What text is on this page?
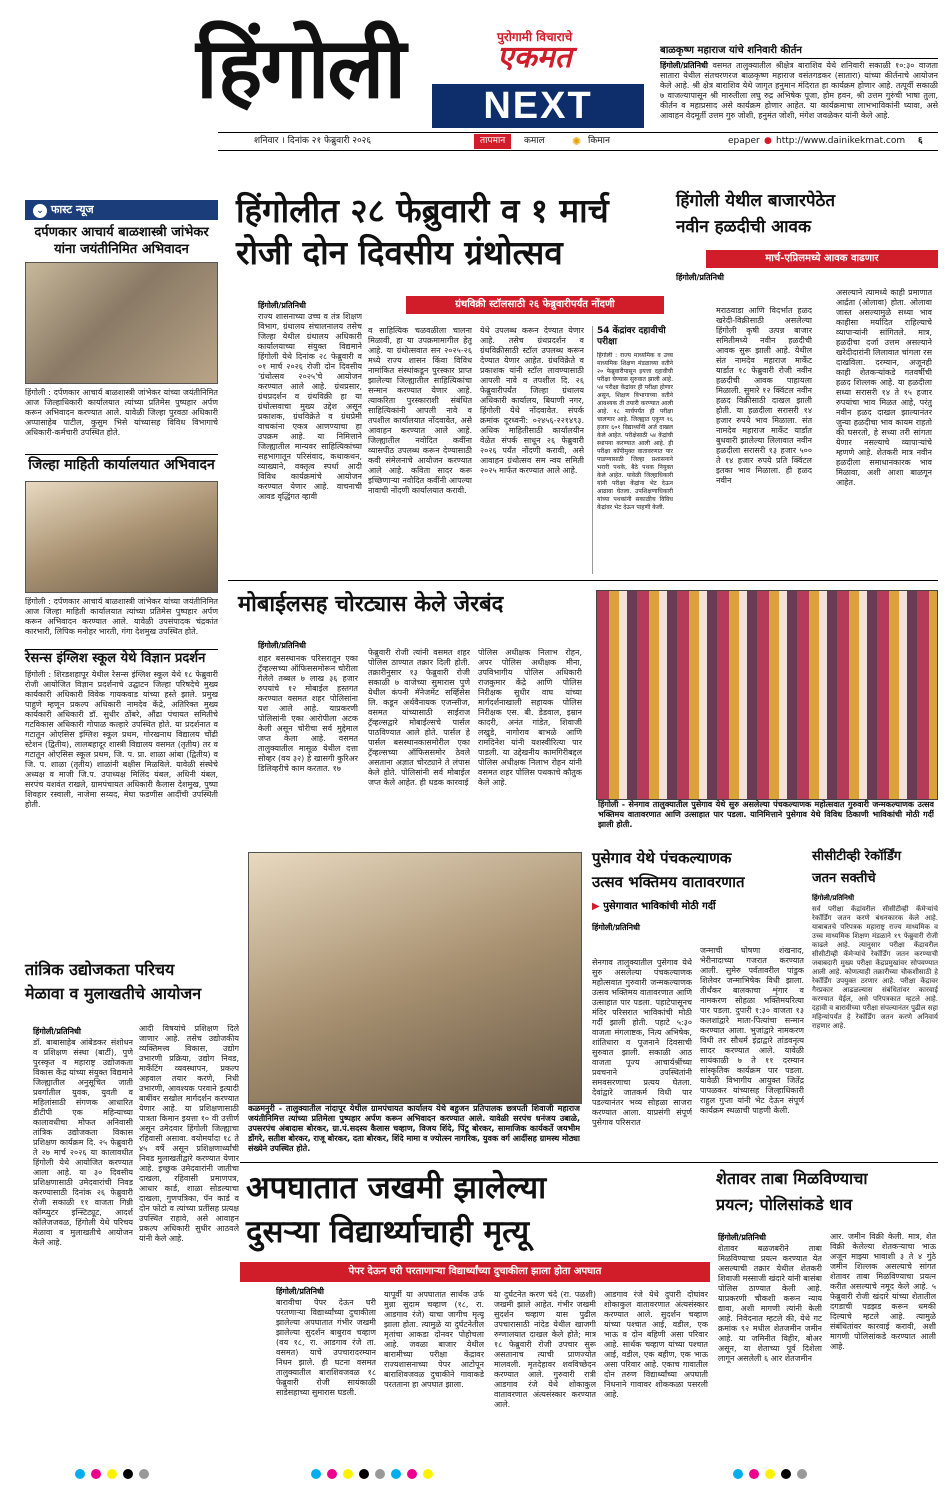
हिंगोली	पुरोगामी विचाराचे
एकमत
NEXT
बाळकृष्ण महाराज यांचे शनिवारी कीर्तन
हिंगोली/प्रतिनिधी वसमत तालुक्यातील श्रीक्षेत्र बाराशिव येथे शनिवारी सकाळी १०:३० वाजता सातारा येथील संतचरणरज बाळकृष्ण महाराज वसंतगडकर (सातारा) यांच्या कीर्तनाचे आयोजन केले आहे. श्री क्षेत्र बाराशिव येथे जागृत हनुमान मंदिरात हा कार्यक्रम होणार आहे. तत्पूर्वी सकाळी ७ वाजल्यापासून श्री मारुतीला लघु रुद्र अभिषेक पूजा, होम हवन, श्री उत्तम गुरुंची भाषा तुला, कीर्तन व महाप्रसाद असे कार्यक्रम होणार आहेत. या कार्यक्रमाचा लाभभाविकांनी घ्यावा, असे आवाहन वेदमूर्ती उत्तम गुरु जोशी, हनुमंत जोशी, मंगेश जवळेकर यांनी केले आहे.
शनिवार । दिनांक २१ फेब्रुवारी २०२६	तापमान	कमाल ✺ किमान	epaper ● http://www.dainikekmat.com ६
⌄ फास्ट न्यूज
दर्पणकार आचार्य बाळशास्त्री जांभेकर यांना जयंतीनिमित अभिवादन
हिंगोली : दर्पणकार आचार्य बाळशास्त्री जांभेकर यांच्या जयंतीनिमित आज जिल्हाधिकारी कार्यालयात त्यांच्या प्रतिमेस पुष्पहार अर्पण करून अभिवादन करण्यात आले. यावेळी जिल्हा पुरवठा अधिकारी अप्पासाहेब पाटील, कुसुम भिसे यांच्यासह विविध विभागाचे अधिकारी-कर्मचारी उपस्थित होते.
जिल्हा माहिती कार्यालयात अभिवादन
हिंगोली : दर्पणकार आचार्य बाळशास्त्री जांभेकर यांच्या जयंतीनिमित आज जिल्हा माहिती कार्यालयात त्यांच्या प्रतिमेस पुष्पहार अर्पण करून अभिवादन करण्यात आले. यावेळी उपसंपादक चंद्रकांत कारभारी, लिपिक मनोहर भारती, गंगा देशमुख उपस्थित होते.
रेसन्स इंग्लिश स्कूल येथे विज्ञान प्रदर्शन
हिंगोली : शिरडशहापूर येथील रेसन्स इंग्लिश स्कूल येथे १८ फेब्रुवारी रोजी आयोजित विज्ञान प्रदर्शनाचे उद्घाटन जिल्हा परिषदेचे मुख्य कार्यकारी अधिकारी विवेक गायकवाड यांच्या हस्ते झाले. प्रमुख पाहुणे म्हणून प्रकल्प अधिकारी नामदेव केंद्रे, अतिरिक्त मुख्य कार्यकारी अधिकारी डॉ. सुधीर ठोंबरे, औंढा पंचायत समितीचे गटविकास अधिकारी गोपाळ कल्हारे उपस्थित होते. या प्रदर्शनात व गटातून ओएसिस इंग्लिश स्कूल प्रथम, गोरखनाथ विद्यालय चोंढी स्टेशन (द्वितीय), लालबहादूर शास्त्री विद्यालय वसमत (तृतीय) तर व गटातून ओएसिस स्कूल प्रथम, जि. प. प्रा. शाळा आंबा (द्वितीय) व जि. प. शाळा (तृतीय) शाळांनी बक्षीस मिळविले. यावेळी संस्थेचे अध्यक्ष व माजी जि.प. उपाध्यक्ष मिलिंद यंबल, अधिनी यंबल, सरपंच यशवंत राखले, ग्रामपंचायत अधिकारी कैलास देशमुख, पुष्पा शिवहार रस्वाली, नाजेमा सय्यद, मेघा फडणीस आदींची उपस्थिती होती.
हिंगोलीत २८ फेब्रुवारी व १ मार्च
रोजी दोन दिवसीय ग्रंथोत्सव
ग्रंथविक्री स्टॉलसाठी २६ फेब्रुवारीपर्यंत नोंदणी
हिंगोली/प्रतिनिधी
राज्य शासनाच्या उच्च व तंत्र शिक्षण विभाग, ग्रंथालय संचालनालय तसेच जिल्हा येथील ग्रंथालय अधिकारी कार्यालयाच्या संयुक्त विद्यमाने हिंगोली येथे दिनांक २८ फेब्रुवारी व ०१ मार्च २०२६ रोजी दोन दिवसीय 'ग्रंथोत्सव २०२५'चे आयोजन करण्यात आले आहे. ग्रंथप्रसार, ग्रंथप्रदर्शन व ग्रंथविक्री हा या ग्रंथोत्सवाचा मुख्य उद्देश असून प्रकाशक, ग्रंथविक्रेते व ग्रंथप्रेमी वाचकांना एकत्र आणण्याचा हा उपक्रम आहे. या निमित्ताने जिल्ह्यातील मान्यवर साहित्यिकांच्या सहभागातून परिसंवाद, कथाकथन, व्याख्याने, वक्तृत्व स्पर्धा आदी विविध कार्यक्रमांचे आयोजन करण्यात येणार आहे. वाचनाची आवड वृद्धिंगत व्हावी
व साहित्यिक चळवळीला चालना मिळावी, हा या उपक्रमामागील हेतू आहे. या ग्रंथोत्सवात सन २०२५-२६ मध्ये राज्य शासन किंवा विविध नामांकित संस्थांकडून पुरस्कार प्राप्त झालेल्या जिल्ह्यातील साहित्यिकांचा सन्मान करण्यात येणार आहे. त्याकरिता पुरस्काराशी संबंधित साहित्यिकांनी आपली नावे व तपशील कार्यालयात नोंदवावेत, असे आवाहन करण्यात आले आहे. जिल्ह्यातील नवोदित कवींना व्यासपीठ उपलब्ध करून देण्यासाठी कवी संमेलनाचे आयोजन करण्यात आले आहे. कविता सादर करू इच्छिणाऱ्या नवोदित कवींनी आपल्या नावाची नोंदणी कार्यालयात करावी.
येथे उपलब्ध करून देण्यात येणार आहे. तसेच ग्रंथप्रदर्शन व ग्रंथविक्रीसाठी स्टॉल उपलब्ध करून देण्यात येणार आहेत. ग्रंथविक्रेते व प्रकाशक यांनी स्टॉल लावण्यासाठी आपली नावे व तपशील दि. २६ फेब्रुवारीपर्यंत जिल्हा ग्रंथालय अधिकारी कार्यालय, बियाणी नगर, हिंगोली येथे नोंदवावेत. संपर्क क्रमांक दूरध्वनी: ०२४५६-२२१४९३. अधिक माहितीसाठी कार्यालयीन वेळेत संपर्क साधून २६ फेब्रुवारी २०२६ पर्यंत नोंदणी करावी, असे आवाहन ग्रंथोत्सव सम न्वय समिती २०२५ मार्फत करण्यात आले आहे.
54 केंद्रांवर दहावीची परीक्षा
हिंगोली : राज्य माध्यमिक व उच्च माध्यमिक शिक्षण मंडळाच्या वतीने २० फेब्रुवारीपासून इयत्ता दहावीची परीक्षा घेण्यास सुरुवात झाली आहे. ५४ परीक्षा केंद्रांवर ही परीक्षा होणार असून, शिक्षण विभागाच्या वतीने आवश्यक ती तयारी करण्यात आली आहे. १८ मार्चपर्यंत ही परीक्षा चालणार आहे. जिल्ह्यात एकूण १६ हजार ६०१ विद्यार्थ्यांनी अर्ज दाखल केले आहेत. परीक्षेसाठी ५४ केंद्रांची स्थापना करण्यात आली आहे. ही परीक्षा कॉपीमुक्त वातावरणात पार पाडण्यासाठी जिल्हा प्रशासनाने भरारी पथके, बैठे पथक नियुक्त केले आहेत. यावेळी जिल्हाधिकारी यांनी परीक्षा केंद्रांना भेट देऊन आढावा घेतला. उपशिक्षणाधिकारी यांच्या पथकांनी सकाळीच विविध केंद्रांवर भेट देऊन पाहणी केली.
हिंगोली येथील बाजारपेठेत
नवीन हळदीची आवक
मार्च-एप्रिलमध्ये आवक वाढणार
हिंगोली/प्रतिनिधी
मराठवाडा आणि विदर्भात हळद खरेदी-विक्रीसाठी असलेल्या हिंगोली कृषी उत्पन्न बाजार समितीमध्ये नवीन हळदीची आवक सुरू झाली आहे. येथील संत नामदेव महाराज मार्केट यार्डात १८ फेब्रुवारी रोजी नवीन हळदीची आवक पाहायला मिळाली. सुमारे १२ क्विंटल नवीन हळद विक्रीसाठी दाखल झाली होती. या हळदीला सरासरी १४ हजार रुपये भाव मिळाला. संत नामदेव महाराज मार्केट यार्डात बुधवारी झालेल्या लिलावात नवीन हळदीला सरासरी १३ हजार ५०० ते १४ हजार रुपये प्रति क्विंटल इतका भाव मिळाला. ही हळद नवीन
असल्याने त्यामध्ये काही प्रमाणात आर्द्रता (ओलावा) होता. ओलावा जास्त असल्यामुळे सध्या भाव काहीसा मर्यादित राहिल्याचे व्यापाऱ्यांनी सांगितले. मात्र, हळदीचा दर्जा उत्तम असल्याने खरेदीदारांनी लिलावात चांगला रस दाखविला. दरम्यान, अजूनही काही शेतकऱ्यांकडे गतवर्षीची हळद शिल्लक आहे. या हळदीला सध्या सरासरी १४ ते १५ हजार रुपयांचा भाव मिळत आहे, परंतु नवीन हळद दाखल झाल्यानंतर जुन्या हळदीचा भाव कायम राहतो की घसरतो, हे सध्या तरी सांगता येणार नसल्याचे व्यापाऱ्यांचे म्हणणे आहे. शेतकरी मात्र नवीन हळदीला समाधानकारक भाव मिळावा, अशी आशा बाळगून आहेत.
मोबाईलसह चोरट्यास केले जेरबंद
हिंगोली/प्रतिनिधी
शहर बसस्थानक परिसरातून एका ट्रॅव्हल्सच्या ऑफिससमोरून चोरीला गेलेले तब्बल ७ लाख ३६ हजार रुपयांचे १२ मोबाईल हस्तगत करण्यात वसमत शहर पोलिसांना यश आले आहे. याप्रकरणी पोलिसांनी एका आरोपीला अटक केली असून चोरीचा सर्व मुद्देमाल जप्त केला आहे. वसमत तालुक्यातील मासूळ येथील दत्ता सोव्हर (वय ३२) हे खासगी कुरिअर डिलिव्हरीचे काम करतात. १७
फेब्रुवारी रोजी त्यांनी वसमत शहर पोलिस ठाण्यात तक्रार दिली होती. तक्रारीनुसार १३ फेब्रुवारी रोजी सकाळी ७ वाजेच्या सुमारास पुणे येथील कंपनी मॅनेजमेंट सर्व्हिसेस लि. कडून अर्थवैनायक एजन्सीज, वसमत यांच्यासाठी साईराज ट्रॅव्हल्सद्वारे मोबाईल्सचे पार्सल पाठविण्यात आले होते. पार्सल हे पार्सल बसस्थानकासमोरील एका ट्रॅव्हल्सच्या ऑफिससमोर ठेवले असताना अज्ञात चोरट्याने ते लंपास केले होते. पोलिसांनी सर्व मोबाईल जप्त केले आहेत. ही धडक कारवाई
पोलिस अधीक्षक निलाभ रोहन, अपर पोलिस अधीक्षक मीना, उपविभागीय पोलिस अधिकारी राजकुमार केंद्रे आणि पोलिस निरीक्षक सुधीर वाघ यांच्या मार्गदर्शनाखाली सहायक पोलिस निरीक्षक एस. बी. डेडवाल, इम्रान कादरी, अनंत गांडेत, शिवाजी लखुडे, नागोराव बाभळे आणि रामदिनेश यांनी यशस्वीरित्या पार पाडली. या उद्देखनीय कामगिरीबद्दल पोलिस अधीक्षक निलाभ रोहन यांनी वसमत शहर पोलिस पथकाचे कौतुक केले आहे.
हिंगोली - सेनगाव तालुक्यातील पुसेगाव येथे सुरु असलेल्या पंचकल्याणक महोत्सवात गुरुवारी जन्मकल्याणक उत्सव भक्तिमय वातावरणात आणि उत्साहात पार पडला. यानिमित्ताने पुसेगाव येथे विविध ठिकाणी भाविकांची मोठी गर्दी झाली होती.
कळमनुरी - तालुक्यातील नांदापूर येथील ग्रामपंचायत कार्यालय येथे बहुजन प्रतिपालक छत्रपती शिवाजी महाराज जयंतीनिमित्त त्यांच्या प्रतिमेला पुष्पहार अर्पण करून अभिवादन करण्यात आले. यावेळी सरपंच धनंजय उबाळे, उपसरपंच अंबादास बोरकर, ग्रा.पं.सदस्य कैलास चव्हाण, विजय शिंदे, पिंटू बोरकर, सामाजिक कार्यकर्ते जयभीम डोंगरे, सतीश बोरकर, राजू बोरकर, दता बोरकर, शिंदे मामा व ज्योत्स्न नागरिक, युवक वर्ग आदींसह ग्रामस्थ मोठ्या संख्येने उपस्थित होते.
पुसेगाव येथे पंचकल्याणक
उत्सव भक्तिमय वातावरणात
▶ पुसेगावात भाविकांची मोठी गर्दी
हिंगोली/प्रतिनिधी
सेनगाव तालुक्यातील पुसेगाव येथे सुरु असलेल्या पंचकल्याणक महोत्सवात गुरुवारी जन्मकल्याणक उत्सव भक्तिमय वातावरणात आणि उत्साहात पार पडला. पहाटेपासूनच मंदिर परिसरात भाविकांची मोठी गर्दी झाली होती. पहाटे ५:३० वाजता मंगलाष्टक, नित्य अभिषेक, शांतिधारा व पूजनाने दिवसाची सुरुवात झाली. सकाळी आठ वाजता पूज्य आचार्यश्रींच्या प्रवचनाने उपस्थितांनी समवसरणाचा प्रत्यय घेतला. देवांद्वारे जातकर्म विधी पार पडल्यानंतर भव्य सोहळा साजरा करण्यात आला. याप्रसंगी संपूर्ण पुसेगाव परिसरात
जन्माची घोषणा शंखनाद, भेरीनादाच्या गजरात करण्यात आली. सुमेरु पर्वतावरील पांडुक शिलेवर जन्माभिषेक विधी झाला. तीर्थंकर बालकाचा शृंगार व नामकरण सोहळा भक्तिमयरित्या पार पडला. दुपारी १:३० वाजता १३ कलशांद्वारे माता-पित्यांचा सन्मान करण्यात आला. भुजांद्वारे नामकरण विधी तर सौधर्म इंद्राद्वारे तांडवनृत्य सादर करण्यात आले. यावेळी सायंकाळी ७ ते ११ दरम्यान सांस्कृतिक कार्यक्रम पार पडला. यावेळी विभागीय आयुक्त जितेंद्र पापळकर यांच्यासह जिल्हाधिकारी राहुल गुप्ता यांनी भेट देऊन संपूर्ण कार्यक्रम स्थळाची पाहणी केली.
सीसीटीव्ही रेकॉर्डिंग
जतन सक्तीचे
हिंगोली/प्रतिनिधी
सर्व परीक्षा केंद्रांवरील सीसीटीव्ही कॅमेऱ्यांचे रेकॉर्डिंग जतन करणे बंधनकारक केले आहे. याबाबतचे परिपत्रक महाराष्ट्र राज्य माध्यमिक व उच्च माध्यमिक शिक्षण मंडळाने १९ फेब्रुवारी रोजी काढले आहे. त्यानुसार परीक्षा केंद्रावरील सीसीटीव्ही कॅमेऱ्यांचे रेकॉर्डिंग जतन करण्याची जबाबदारी मुख्य परीक्षा केंद्रप्रमुखांवर सोपवण्यात आली आहे. कोणत्याही तक्रारीच्या चौकशीसाठी हे रेकॉर्डिंग उपयुक्त ठरणार आहे. परीक्षा केंद्रावर गैरप्रकार आढळल्यास संबंधितांवर कारवाई करण्यात येईल, असे परिपत्रकात म्हटले आहे. दहावी व बारावीच्या परीक्षा संपल्यानंतर पुढील सहा महिन्यांपर्यंत हे रेकॉर्डिंग जतन करणे अनिवार्य राहणार आहे.
तांत्रिक उद्योजकता परिचय
मेळावा व मुलाखतीचे आयोजन
हिंगोली/प्रतिनिधी
डॉ. बाबासाहेब आंबेडकर संशोधन व प्रशिक्षण संस्था (बार्टी), पुणे पुरस्कृत व महाराष्ट्र उद्योजकता विकास केंद्र यांच्या संयुक्त विद्यमाने जिल्ह्यातील अनुसूचित जाती प्रवर्गातील युवक, युवती व महिलांसाठी संगणक आधारित डीटीपी एक महिन्याच्या कालावधीचा मोफत अनिवासी तांत्रिक उद्योजकता विकास प्रशिक्षण कार्यक्रम दि. २५ फेब्रुवारी ते २७ मार्च २०२६ या कालावधीत हिंगोली येथे आयोजित करण्यात आला आहे. या ३० दिवसीय प्रशिक्षणासाठी उमेदवारांची निवड करण्यासाठी दिनांक २६ फेब्रुवारी रोजी सकाळी ११ वाजता गिन्नी कॉम्प्युटर इन्स्टिट्यूट, आदर्श कॉलेजजवळ, हिंगोली येथे परिचय मेळावा व मुलाखतीचे आयोजन केले आहे.
आदी विषयांचे प्रशिक्षण दिले जाणार आहे. तसेच उद्योजकीय व्यक्तिमत्त्व विकास, उद्योग उभारणी प्रक्रिया, उद्योग निवड, मार्केटिंग व्यवस्थापन, प्रकल्प अहवाल तयार करणे, निधी उभारणी, आवश्यक परवाने इत्यादी बाबींवर सखोल मार्गदर्शन करण्यात येणार आहे. या प्रशिक्षणासाठी पात्रता किमान इयत्ता १० वी उत्तीर्ण असून उमेदवार हिंगोली जिल्ह्याचा रहिवासी असावा. वयोमर्यादा १८ ते ४५ वर्षे असून प्रशिक्षणार्थ्यांची निवड मुलाखतीद्वारे करण्यात येणार आहे. इच्छुक उमेदवारांनी जातीचा दाखला, रहिवासी प्रमाणपत्र, आधार कार्ड, शाळा सोडल्याचा दाखला, गुणपत्रिका, पॅन कार्ड व दोन फोटो व त्यांच्या प्रतींसह प्रत्यक्ष उपस्थित राहावे, असे आवाहन प्रकल्प अधिकारी सुधीर आठवले यांनी केले आहे.
अपघातात जखमी झालेल्या
दुसऱ्या विद्यार्थ्याचाही मृत्यू
पेपर देऊन घरी परताणाऱ्या विद्यार्थ्यांच्या दुचाकीला झाला होता अपघात
हिंगोली/प्रतिनिधी
बारावीचा पेपर देऊन घरी परतणाऱ्या विद्यार्थ्यांच्या दुचाकीला झालेल्या अपघातात गंभीर जखमी झालेल्या सुदर्शन बाबुराव चव्हाण (वय १८, रा. आडगाव रंजे ता. वसमत) याचे उपचारादरम्यान निधन झाले. ही घटना वसमत तालुक्यातील बाराशिवजवळ १८ फेब्रुवारी रोजी सायंकाळी साडेसहाच्या सुमारास घडली.
यापूर्वी या अपघातात सार्थक उर्फ मुन्ना सुदाम चव्हाण (१८, रा. आडगाव रंजे) याचा जागीच मृत्यू झाला होता. त्यामुळे या दुर्घटनेतील मृतांचा आकडा दोनवर पोहोचला आहे. जवळा बाजार येथील बारामीच्या परीक्षा केंद्रावर राज्यशासनाच्या पेपर आटोपून बाराशिवजवळ दुचाकीने गावाकडे परतताना हा अपघात झाला.
या दुर्घटनेत करण चंदे (रा. पळशी) जखमी झाले आहेत. गंभीर जखमी सुदर्शन चव्हाण यास पुढील उपचारासाठी नांदेड येथील खाजगी रुग्णालयात दाखल केले होते; मात्र १८ फेब्रुवारी रोजी उपचार सुरू असतानाच त्याची प्राणज्योत मालवली. मृतदेहावर शवविच्छेदन करण्यात आले. गुरुवारी रात्री आडगाव रंजे येथे शोकाकुल वातावरणात अंत्यसंस्कार करण्यात आले.
आडगाव रंजे येथे दुपारी दोघांवर शोकाकुल वातावरणात अंत्यसंस्कार करण्यात आले. सुदर्शन चव्हाण यांच्या पश्चात आई, वडील, एक भाऊ व दोन बहिणी असा परिवार आहे. सार्थक चव्हाण यांच्या पश्चात आई, वडील, एक बहीण, एक भाऊ असा परिवार आहे. एकाच गावातील दोन तरुण विद्यार्थ्यांच्या अपघाती निधनाने गावावर शोककळा पसरली आहे.
शेतावर ताबा मिळविण्याचा
प्रयत्न; पोलिसांकडे धाव
हिंगोली/प्रतिनिधी
शेतावर बळजबरीने ताबा मिळविण्याचा प्रयत्न करण्यात येत असल्याची तक्रार येथील शेतकरी शिवाजी मस्साजी खंदारे यांनी बासंबा पोलिस ठाण्यात केली आहे. याप्रकरणी चौकशी करून न्याय द्यावा, अशी मागणी त्यांनी केली आहे. निवेदनात म्हटले की, येथे गट क्रमांक ९२ मधील शेतजमीन जमीन आहे. या जमिनीत विहीर, बोअर असून, या शेताच्या पूर्व दिशेला लागून असलेली ६ आर शेतजमीन
आर. जमीन विक्री केली. मात्र, शेत विक्री केलेल्या शेतकऱ्याचा भाऊ अजून माझ्या भावाशी ३ ते ४ गुंठे जमीन शिल्लक असल्याचे सांगत शेतावर ताबा मिळविण्याचा प्रयत्न करीत असल्याचे नमूद केले आहे. ५ फेब्रुवारी रोजी खंदारे यांच्या शेतातील दगडाची पडझड करून धमकी दिल्याचे म्हटले आहे. त्यामुळे संबंधितांवर कारवाई करावी, अशी मागणी पोलिसांकडे करण्यात आली आहे.
